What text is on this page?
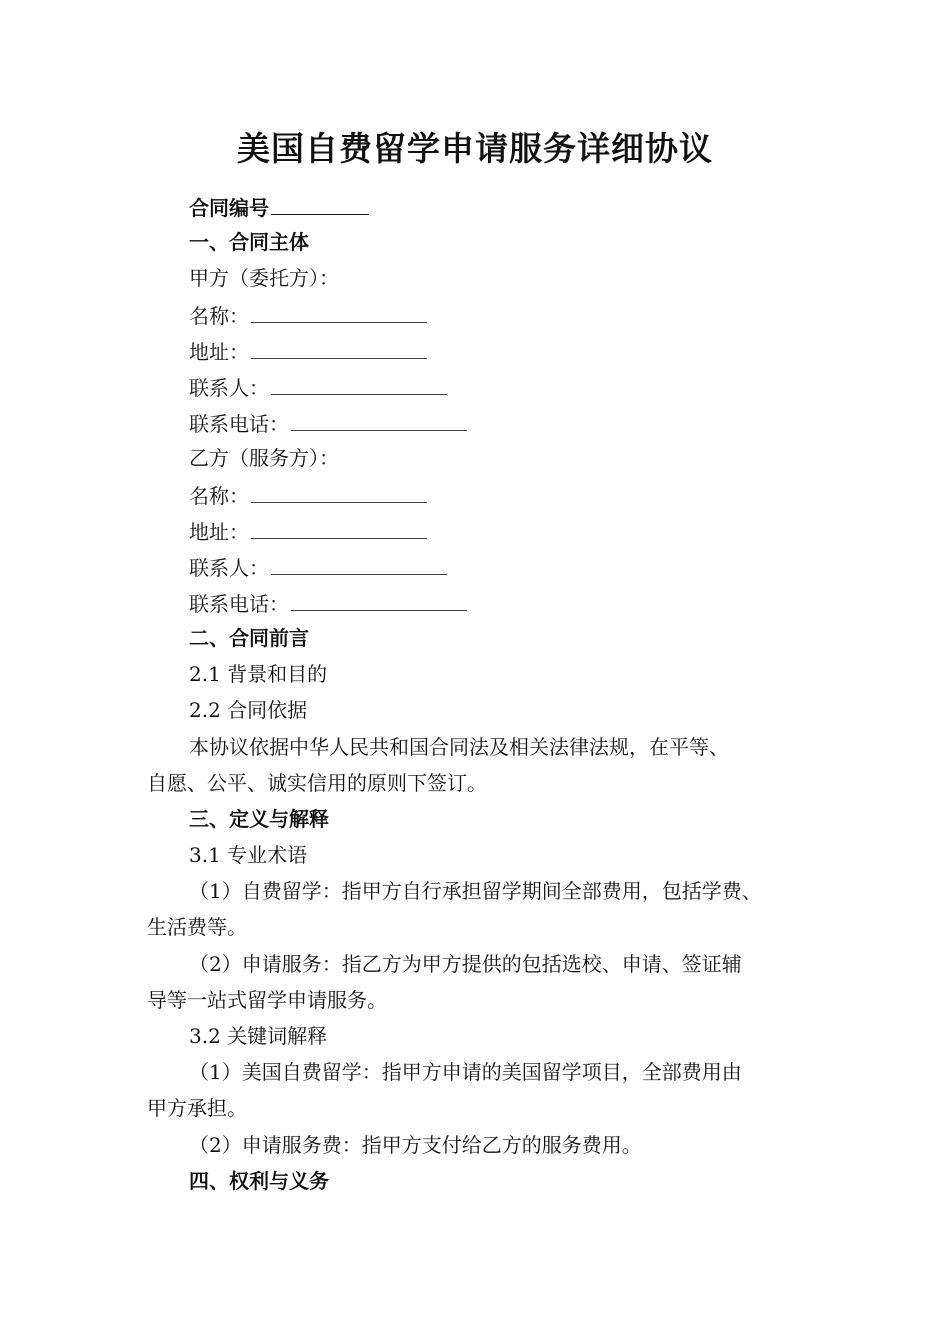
美国自费留学申请服务详细协议
合同编号
一、合同主体
甲方（委托方）：
名称：
地址：
联系人：
联系电话：
乙方（服务方）：
名称：
地址：
联系人：
联系电话：
二、合同前言
2.1 背景和目的
2.2 合同依据
本协议依据中华人民共和国合同法及相关法律法规，在平等、
自愿、公平、诚实信用的原则下签订。
三、定义与解释
3.1 专业术语
（1）自费留学：指甲方自行承担留学期间全部费用，包括学费、
生活费等。
（2）申请服务：指乙方为甲方提供的包括选校、申请、签证辅
导等一站式留学申请服务。
3.2 关键词解释
（1）美国自费留学：指甲方申请的美国留学项目，全部费用由
甲方承担。
（2）申请服务费：指甲方支付给乙方的服务费用。
四、权利与义务
